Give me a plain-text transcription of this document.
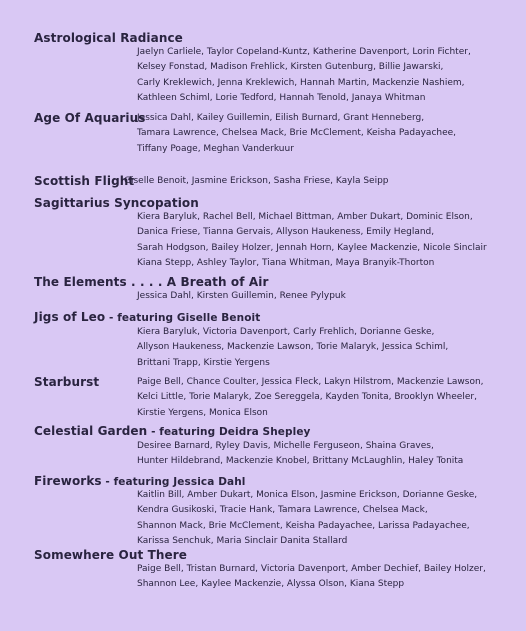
Astrological Radiance
Jaelyn Carliele, Taylor Copeland-Kuntz, Katherine Davenport, Lorin Fichter,
Kelsey Fonstad, Madison Frehlick, Kirsten Gutenburg, Billie Jawarski,
Carly Kreklewich, Jenna Kreklewich, Hannah Martin, Mackenzie Nashiem,
Kathleen Schiml, Lorie Tedford, Hannah Tenold, Janaya Whitman
Age Of Aquarius
Jessica Dahl, Kailey Guillemin, Eilish Burnard, Grant Henneberg,
Tamara Lawrence, Chelsea Mack, Brie McClement, Keisha Padayachee,
Tiffany Poage, Meghan Vanderkuur
Scottish Flight
Giselle Benoit, Jasmine Erickson, Sasha Friese, Kayla Seipp
Sagittarius Syncopation
Kiera Baryluk, Rachel Bell, Michael Bittman, Amber Dukart, Dominic Elson,
Danica Friese, Tianna Gervais, Allyson Haukeness, Emily Hegland,
Sarah Hodgson, Bailey Holzer, Jennah Horn, Kaylee Mackenzie, Nicole Sinclair
Kiana Stepp, Ashley Taylor, Tiana Whitman, Maya Branyik-Thorton
The Elements . . . . A Breath of Air
Jessica Dahl, Kirsten Guillemin, Renee Pylypuk
Jigs of Leo - featuring Giselle Benoit
Kiera Baryluk, Victoria Davenport, Carly Frehlich, Dorianne Geske,
Allyson Haukeness, Mackenzie Lawson, Torie Malaryk, Jessica Schiml,
Brittani Trapp, Kirstie Yergens
Starburst	Paige Bell, Chance Coulter, Jessica Fleck, Lakyn Hilstrom, Mackenzie Lawson,
Kelci Little, Torie Malaryk, Zoe Sereggela, Kayden Tonita, Brooklyn Wheeler,
Kirstie Yergens, Monica Elson
Celestial Garden - featuring Deidra Shepley
Desiree Barnard, Ryley Davis, Michelle Ferguseon, Shaina Graves,
Hunter Hildebrand, Mackenzie Knobel, Brittany McLaughlin, Haley Tonita
Fireworks - featuring Jessica Dahl
Kaitlin Bill, Amber Dukart, Monica Elson, Jasmine Erickson, Dorianne Geske,
Kendra Gusikoski, Tracie Hank, Tamara Lawrence, Chelsea Mack,
Shannon Mack, Brie McClement, Keisha Padayachee, Larissa Padayachee,
Karissa Senchuk, Maria Sinclair Danita Stallard
Somewhere Out There
Paige Bell, Tristan Burnard, Victoria Davenport, Amber Dechief, Bailey Holzer,
Shannon Lee, Kaylee Mackenzie, Alyssa Olson, Kiana Stepp
